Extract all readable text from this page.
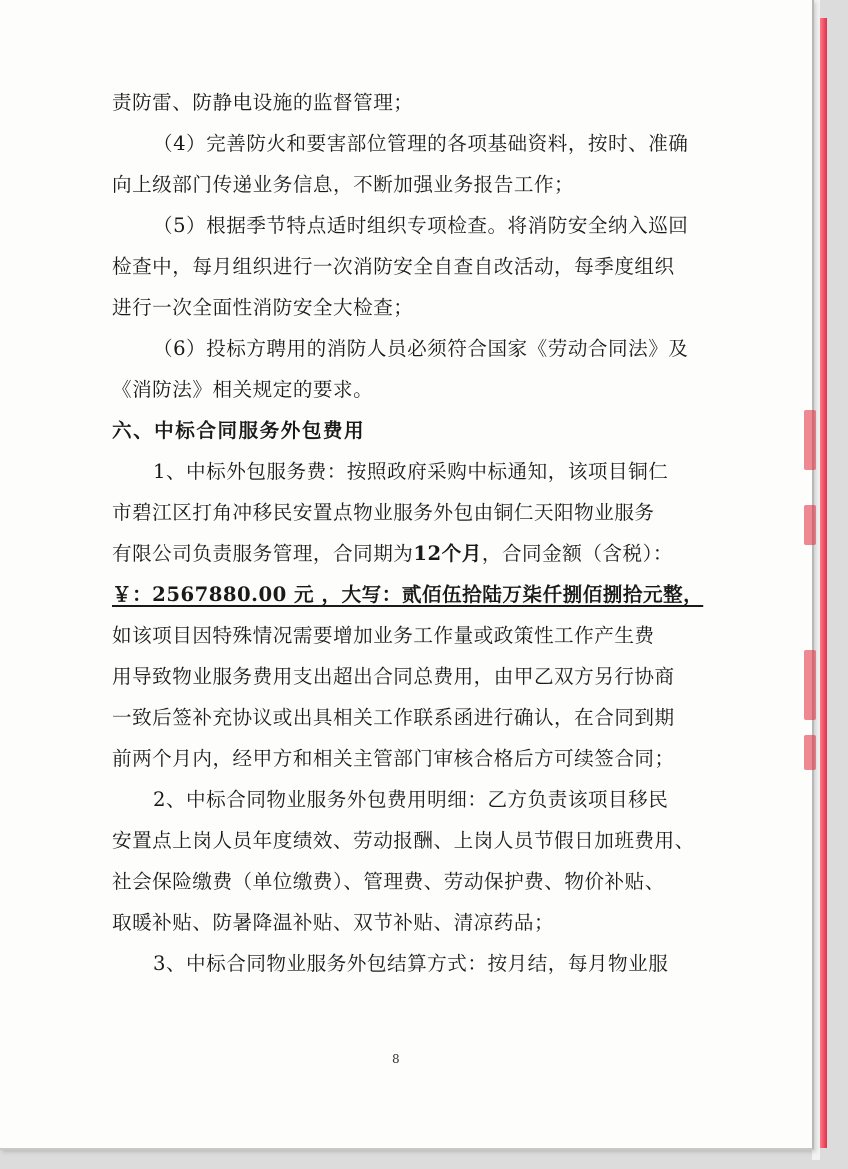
责防雷、防静电设施的监督管理；
（4）完善防火和要害部位管理的各项基础资料，按时、准确
向上级部门传递业务信息，不断加强业务报告工作；
（5）根据季节特点适时组织专项检查。将消防安全纳入巡回
检查中，每月组织进行一次消防安全自查自改活动，每季度组织
进行一次全面性消防安全大检查；
（6）投标方聘用的消防人员必须符合国家《劳动合同法》及
《消防法》相关规定的要求。
六、中标合同服务外包费用
1、中标外包服务费：按照政府采购中标通知，该项目铜仁
市碧江区打角冲移民安置点物业服务外包由铜仁天阳物业服务
有限公司负责服务管理，合同期为12个月，合同金额（含税）：
￥：2567880.00 元 ，大写：贰佰伍拾陆万柒仟捌佰捌拾元整，
如该项目因特殊情况需要增加业务工作量或政策性工作产生费
用导致物业服务费用支出超出合同总费用，由甲乙双方另行协商
一致后签补充协议或出具相关工作联系函进行确认，在合同到期
前两个月内，经甲方和相关主管部门审核合格后方可续签合同；
2、中标合同物业服务外包费用明细：乙方负责该项目移民
安置点上岗人员年度绩效、劳动报酬、上岗人员节假日加班费用、
社会保险缴费（单位缴费）、管理费、劳动保护费、物价补贴、
取暖补贴、防暑降温补贴、双节补贴、清凉药品；
3、中标合同物业服务外包结算方式：按月结，每月物业服
8
